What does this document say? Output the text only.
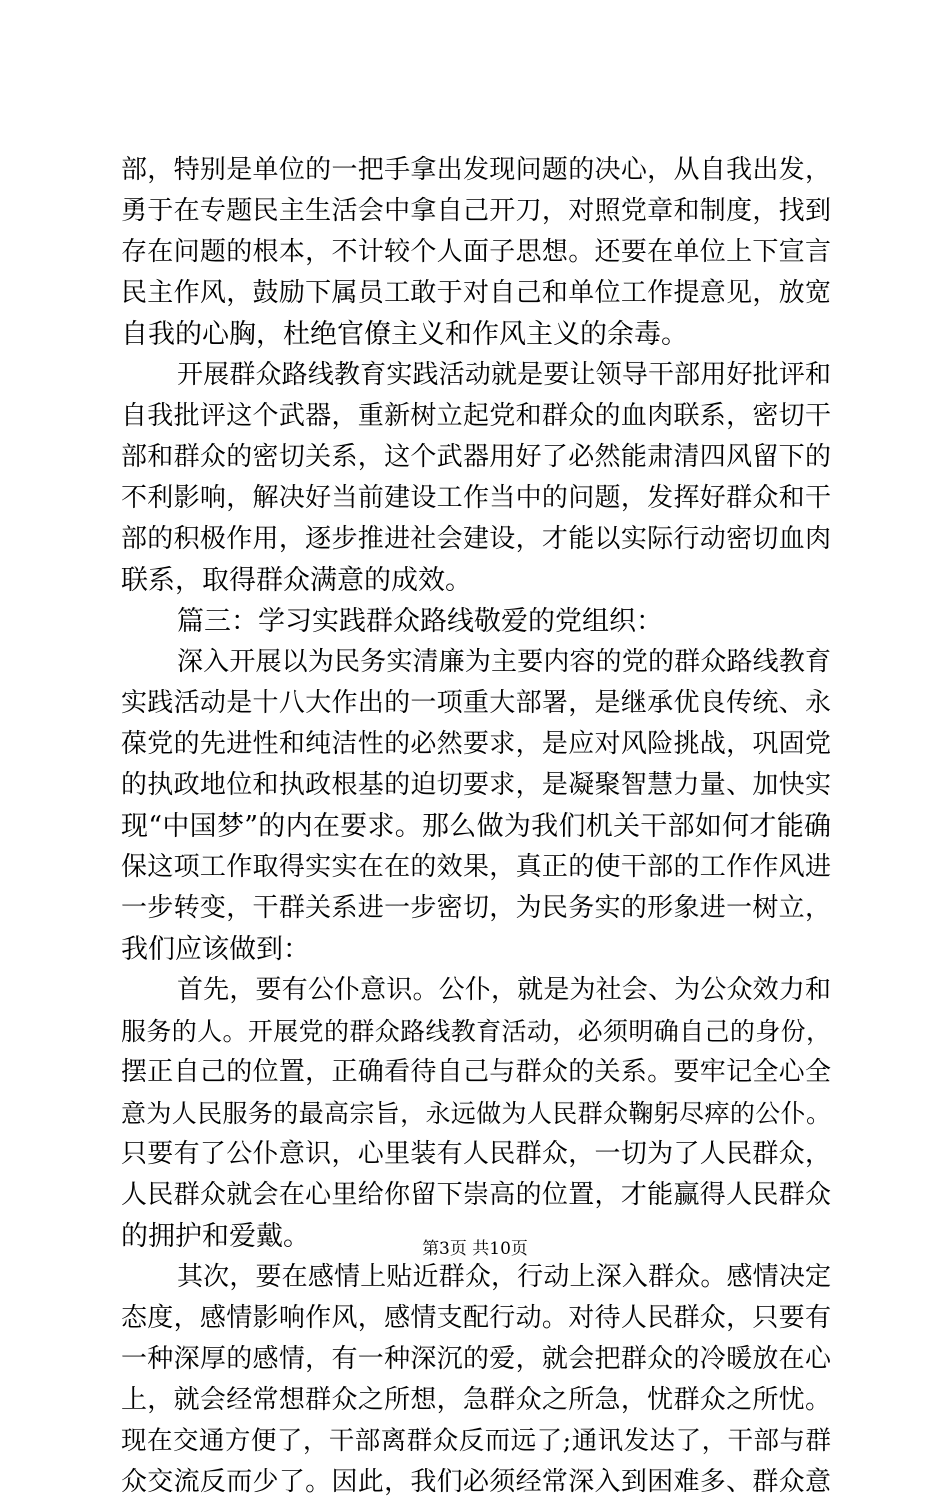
部，特别是单位的一把手拿出发现问题的决心，从自我出发，
勇于在专题民主生活会中拿自己开刀，对照党章和制度，找到
存在问题的根本，不计较个人面子思想。还要在单位上下宣言
民主作风，鼓励下属员工敢于对自己和单位工作提意见，放宽
自我的心胸，杜绝官僚主义和作风主义的余毒。
开展群众路线教育实践活动就是要让领导干部用好批评和
自我批评这个武器，重新树立起党和群众的血肉联系，密切干
部和群众的密切关系，这个武器用好了必然能肃清四风留下的
不利影响，解决好当前建设工作当中的问题，发挥好群众和干
部的积极作用，逐步推进社会建设，才能以实际行动密切血肉
联系，取得群众满意的成效。
篇三：学习实践群众路线敬爱的党组织：
深入开展以为民务实清廉为主要内容的党的群众路线教育
实践活动是十八大作出的一项重大部署，是继承优良传统、永
葆党的先进性和纯洁性的必然要求，是应对风险挑战，巩固党
的执政地位和执政根基的迫切要求，是凝聚智慧力量、加快实
现“中国梦”的内在要求。那么做为我们机关干部如何才能确
保这项工作取得实实在在的效果，真正的使干部的工作作风进
一步转变，干群关系进一步密切，为民务实的形象进一树立，
我们应该做到：
首先，要有公仆意识。公仆，就是为社会、为公众效力和
服务的人。开展党的群众路线教育活动，必须明确自己的身份，
摆正自己的位置，正确看待自己与群众的关系。要牢记全心全
意为人民服务的最高宗旨，永远做为人民群众鞠躬尽瘁的公仆。
只要有了公仆意识，心里装有人民群众，一切为了人民群众，
人民群众就会在心里给你留下崇高的位置，才能赢得人民群众
的拥护和爱戴。
其次，要在感情上贴近群众，行动上深入群众。感情决定
态度，感情影响作风，感情支配行动。对待人民群众，只要有
一种深厚的感情，有一种深沉的爱，就会把群众的冷暖放在心
上，就会经常想群众之所想，急群众之所急，忧群众之所忧。
现在交通方便了，干部离群众反而远了;通讯发达了，干部与群
众交流反而少了。因此，我们必须经常深入到困难多、群众意
第3页 共10页
